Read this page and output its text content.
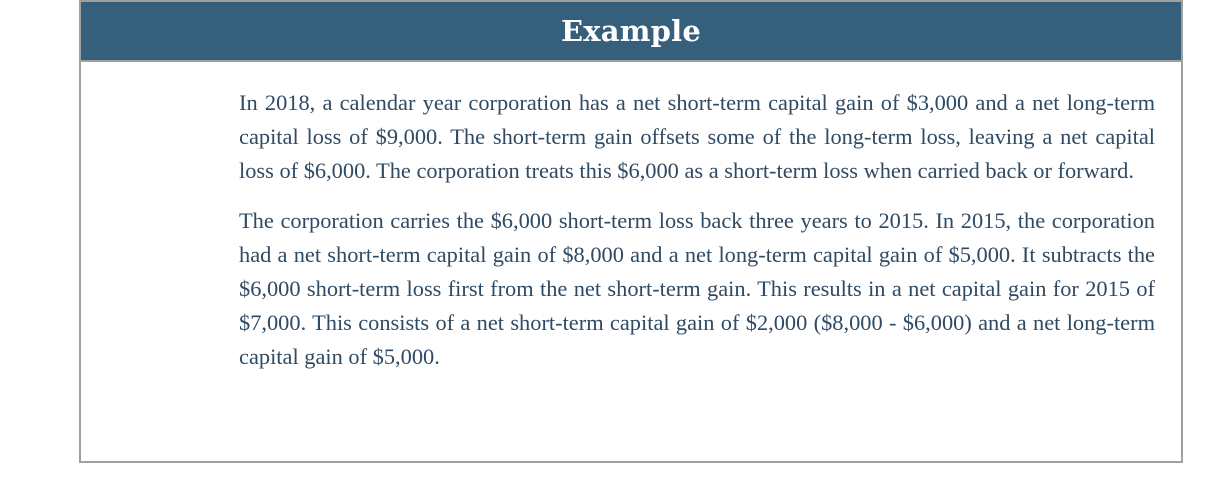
Example

In 2018, a calendar year corporation has a net short-term capital gain of $3,000 and a net long-term capital loss of $9,000. The short-term gain offsets some of the long-term loss, leaving a net capital loss of $6,000. The corporation treats this $6,000 as a short-term loss when carried back or forward.

The corporation carries the $6,000 short-term loss back three years to 2015. In 2015, the corporation had a net short-term capital gain of $8,000 and a net long-term capital gain of $5,000. It subtracts the $6,000 short-term loss first from the net short-term gain. This results in a net capital gain for 2015 of $7,000. This consists of a net short-term capital gain of $2,000 ($8,000 - $6,000) and a net long-term capital gain of $5,000.
